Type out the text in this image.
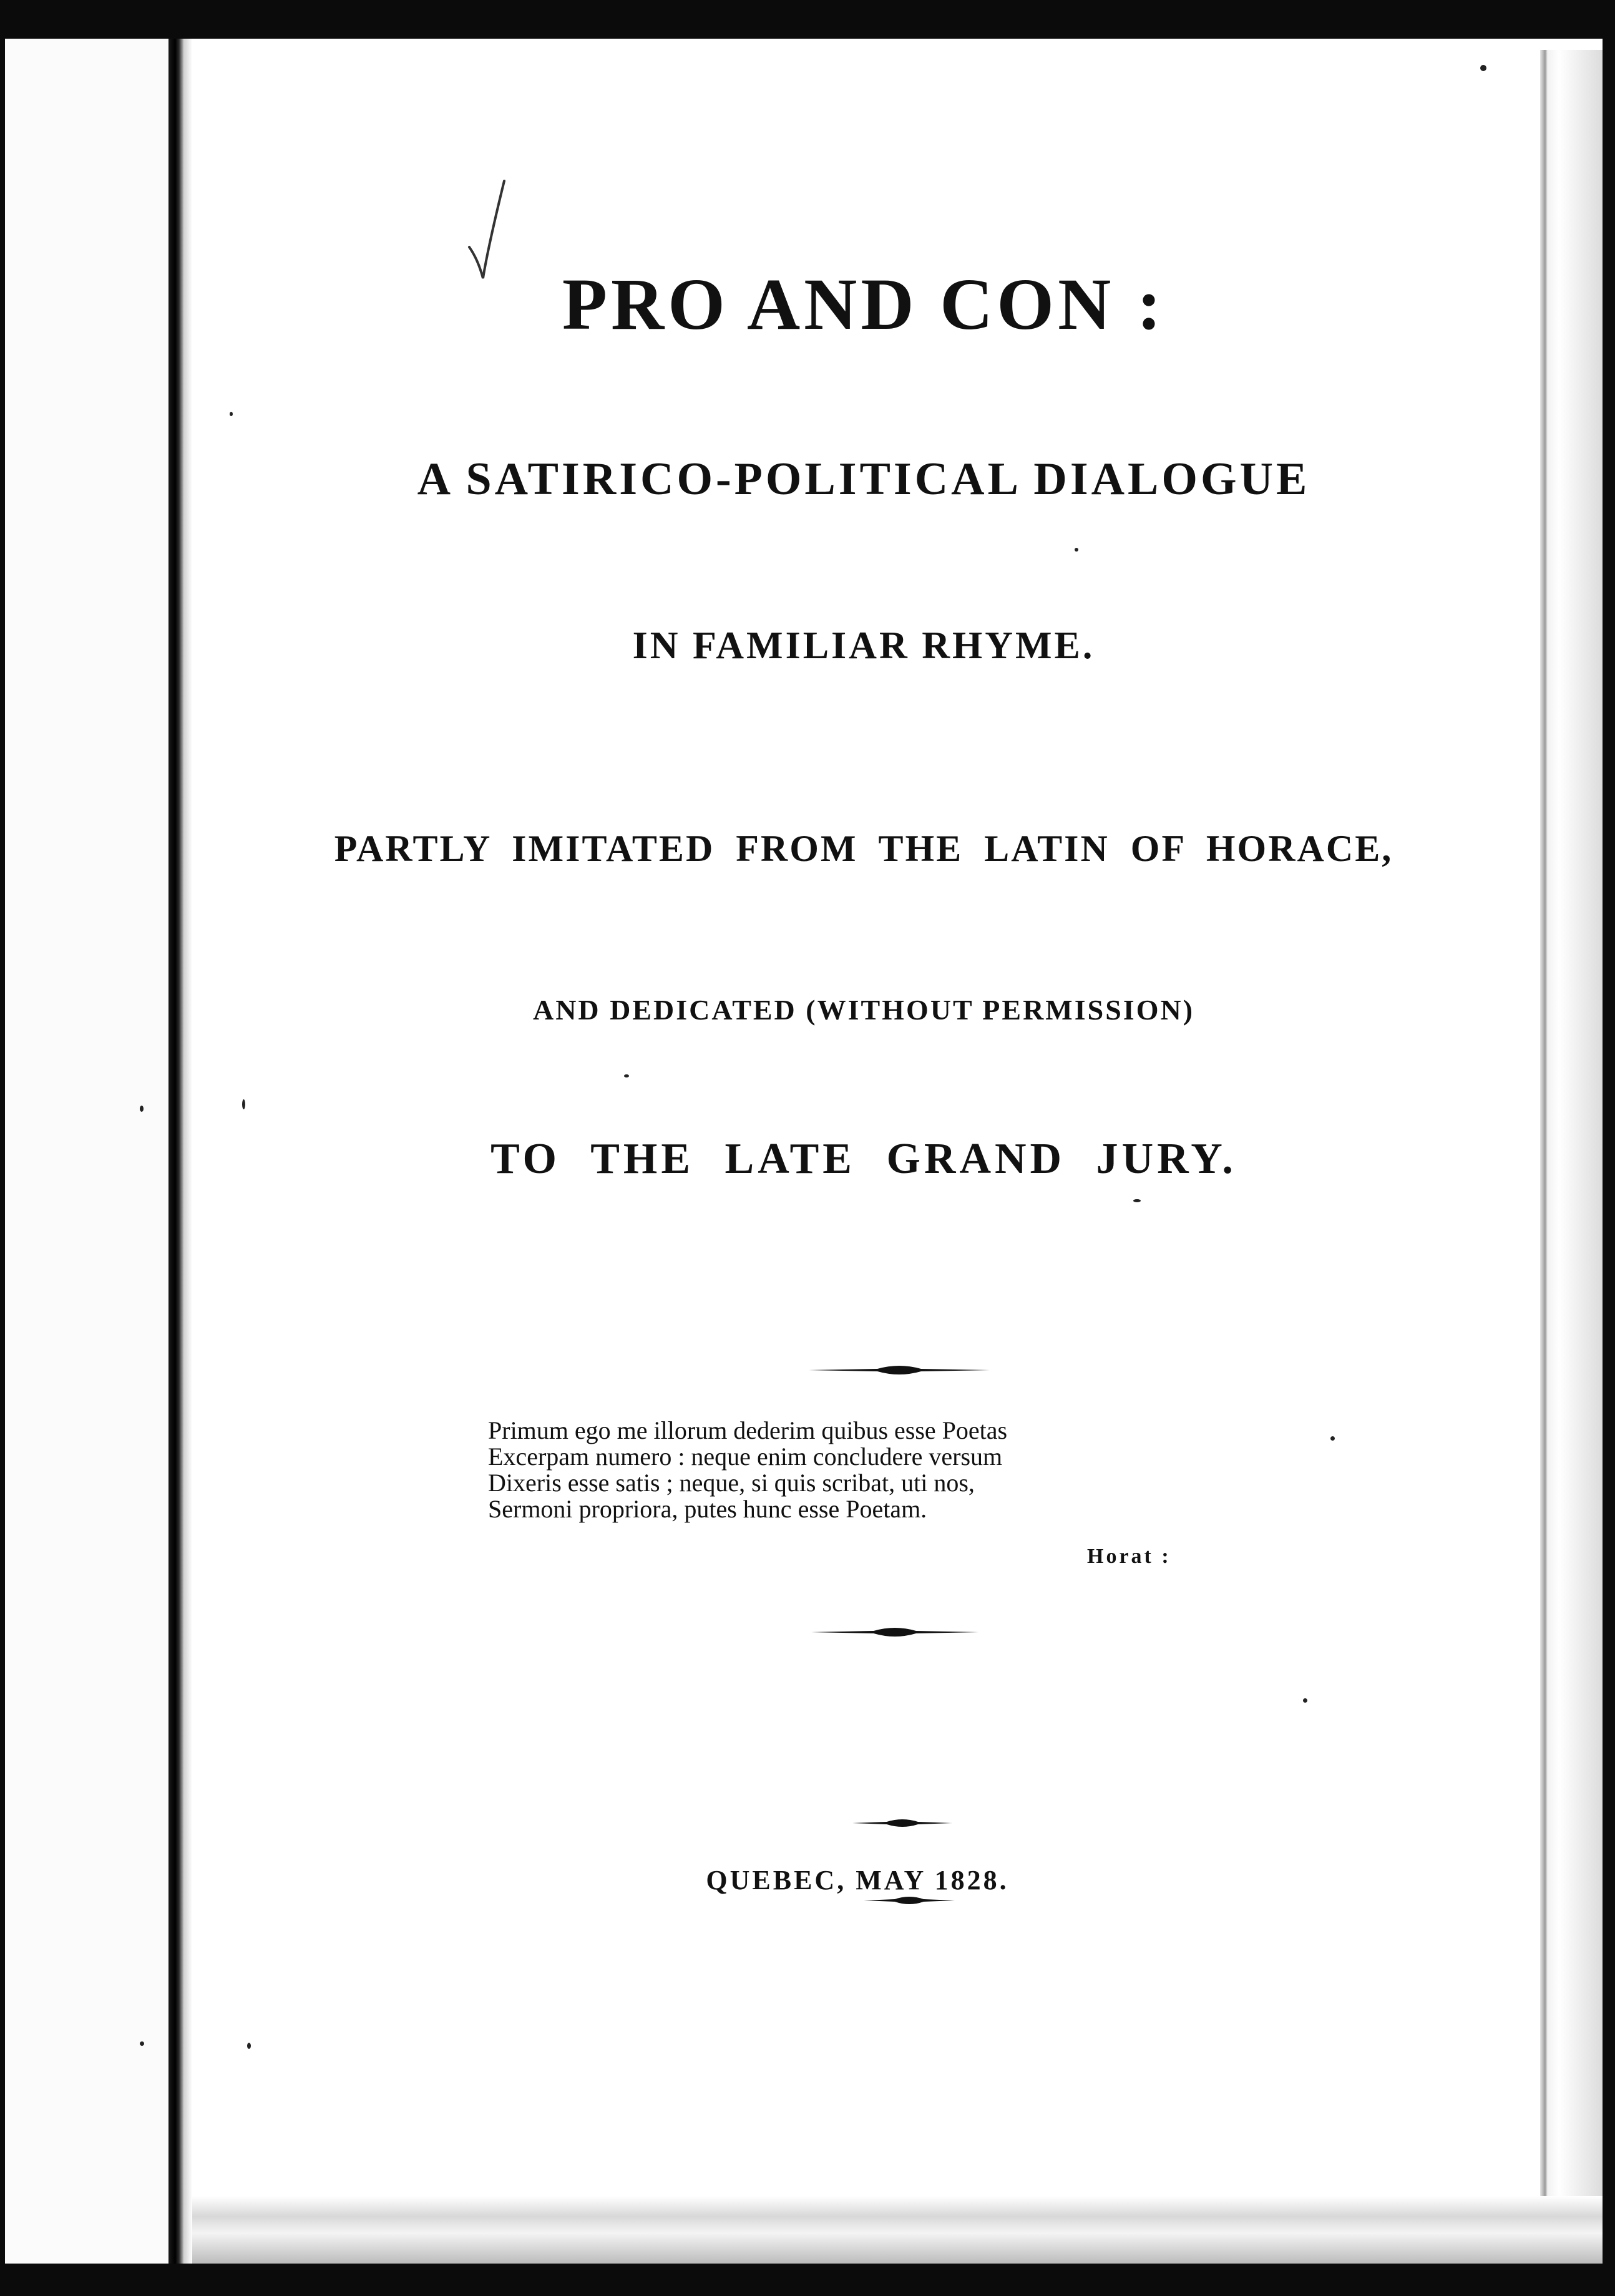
PRO AND CON :
A SATIRICO-POLITICAL DIALOGUE

IN FAMILIAR RHYME.

PARTLY IMITATED FROM THE LATIN OF HORACE,

AND DEDICATED (WITHOUT PERMISSION)

TO THE LATE GRAND JURY.

Primum ego me illorum dederim quibus esse Poetas
Excerpam numero : neque enim concludere versum
Dixeris esse satis ; neque, si quis scribat, uti nos,
Sermoni propriora, putes hunc esse Poetam.
Horat :

QUEBEC, MAY 1828.
